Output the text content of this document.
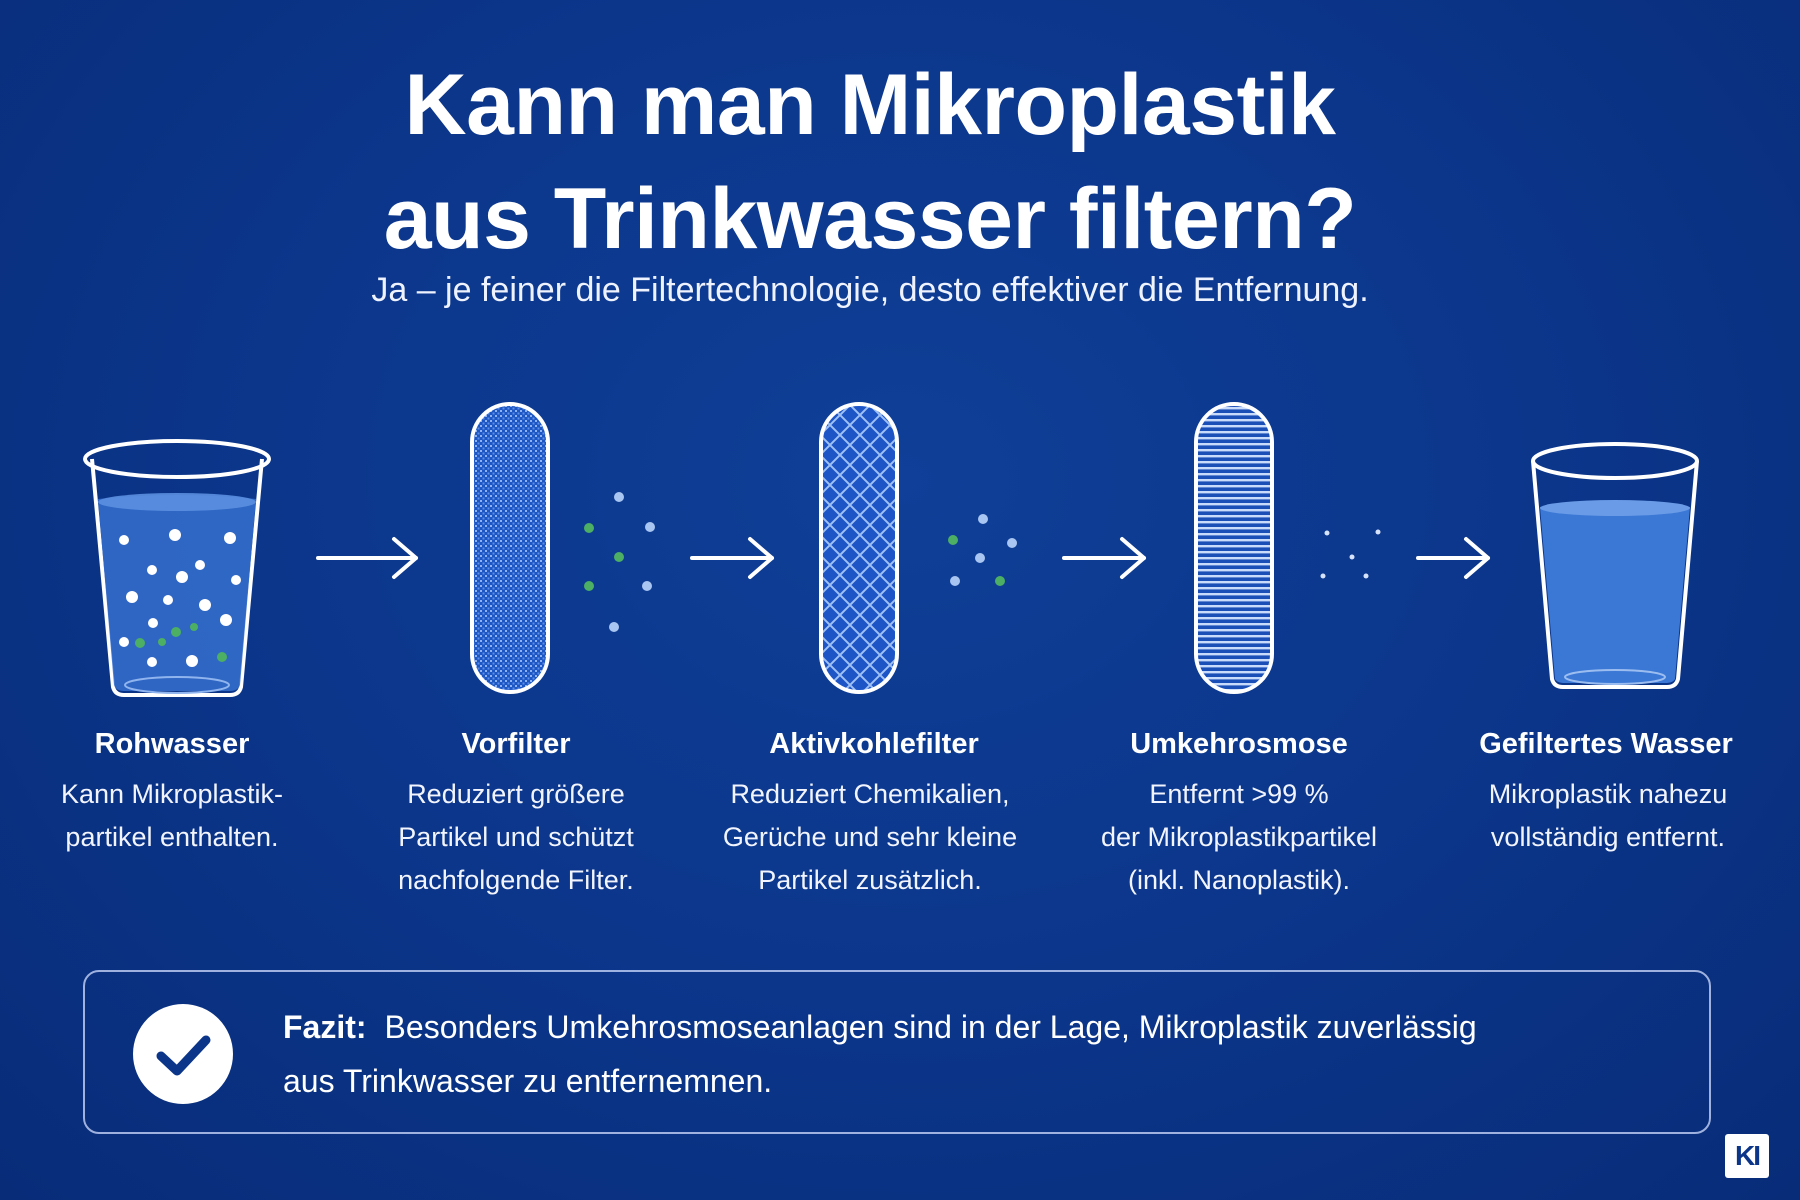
Kann man Mikroplastik
aus Trinkwasser filtern?

Ja – je feiner die Filtertechnologie, desto effektiver die Entfernung.

Rohwasser	Vorfilter	Aktivkohlefilter	Umkehrosmose	Gefiltertes Wasser
Kann Mikroplastik-
partikel enthalten.
Reduziert größere
Partikel und schützt
nachfolgende Filter.
Reduziert Chemikalien,
Gerüche und sehr kleine
Partikel zusätzlich.
Entfernt >99 %
der Mikroplastikpartikel
(inkl. Nanoplastik).
Mikroplastik nahezu
vollständig entfernt.
Fazit: Besonders Umkehrosmoseanlagen sind in der Lage, Mikroplastik zuverlässig
aus Trinkwasser zu entfernemnen.
KI
